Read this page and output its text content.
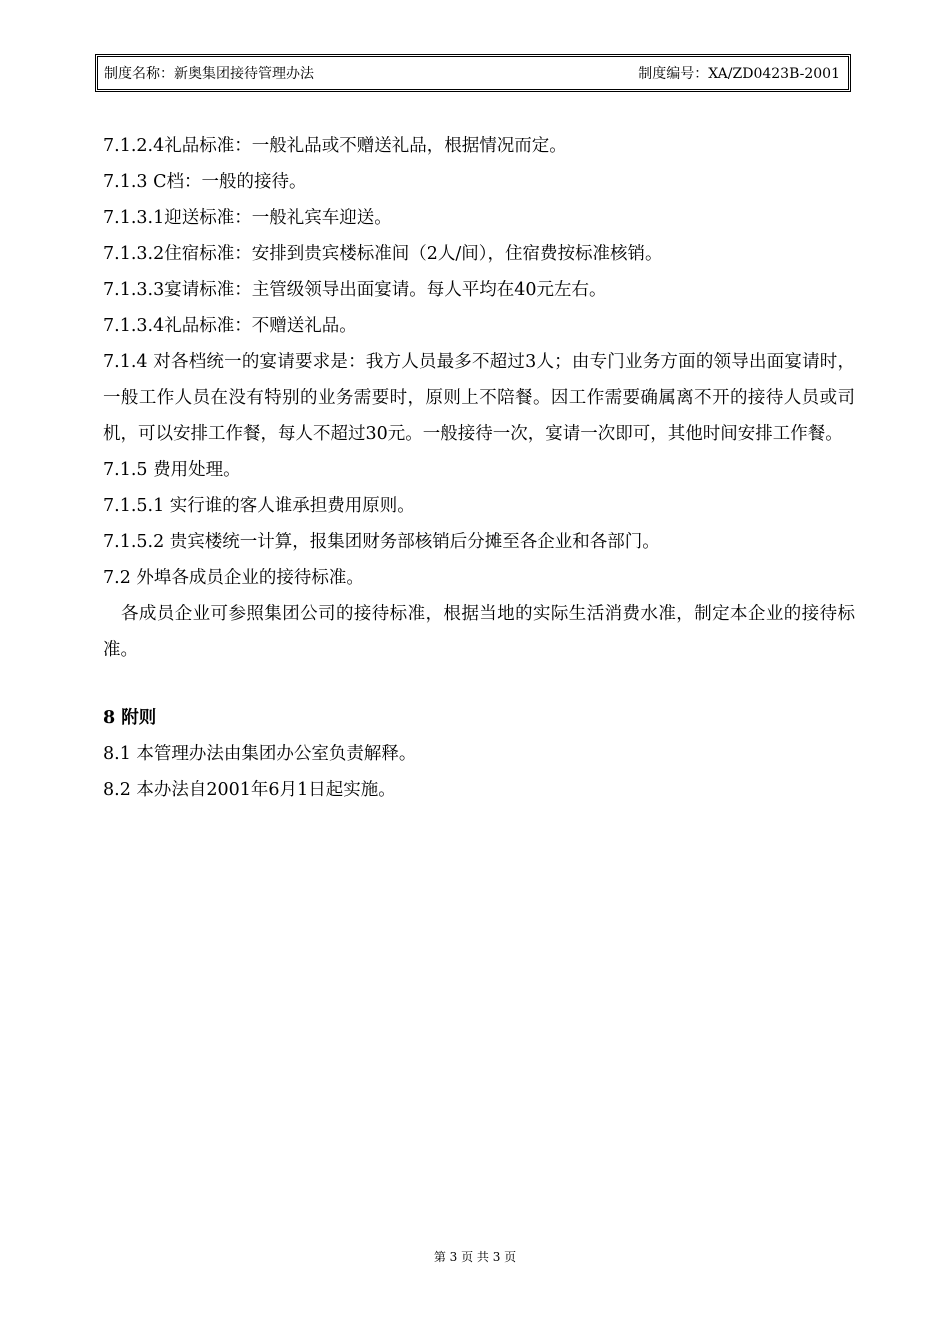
制度名称：新奥集团接待管理办法	制度编号：XA/ZD0423B-2001
7.1.2.4礼品标准：一般礼品或不赠送礼品，根据情况而定。
7.1.3 C档：一般的接待。
7.1.3.1迎送标准：一般礼宾车迎送。
7.1.3.2住宿标准：安排到贵宾楼标准间（2人/间），住宿费按标准核销。
7.1.3.3宴请标准：主管级领导出面宴请。每人平均在40元左右。
7.1.3.4礼品标准：不赠送礼品。
7.1.4 对各档统一的宴请要求是：我方人员最多不超过3人；由专门业务方面的领导出面宴请时，一般工作人员在没有特别的业务需要时，原则上不陪餐。因工作需要确属离不开的接待人员或司机，可以安排工作餐，每人不超过30元。一般接待一次，宴请一次即可，其他时间安排工作餐。
7.1.5 费用处理。
7.1.5.1 实行谁的客人谁承担费用原则。
7.1.5.2 贵宾楼统一计算，报集团财务部核销后分摊至各企业和各部门。
7.2 外埠各成员企业的接待标准。
各成员企业可参照集团公司的接待标准，根据当地的实际生活消费水准，制定本企业的接待标准。
8 附则
8.1 本管理办法由集团办公室负责解释。
8.2 本办法自2001年6月1日起实施。
第 3 页 共 3 页
